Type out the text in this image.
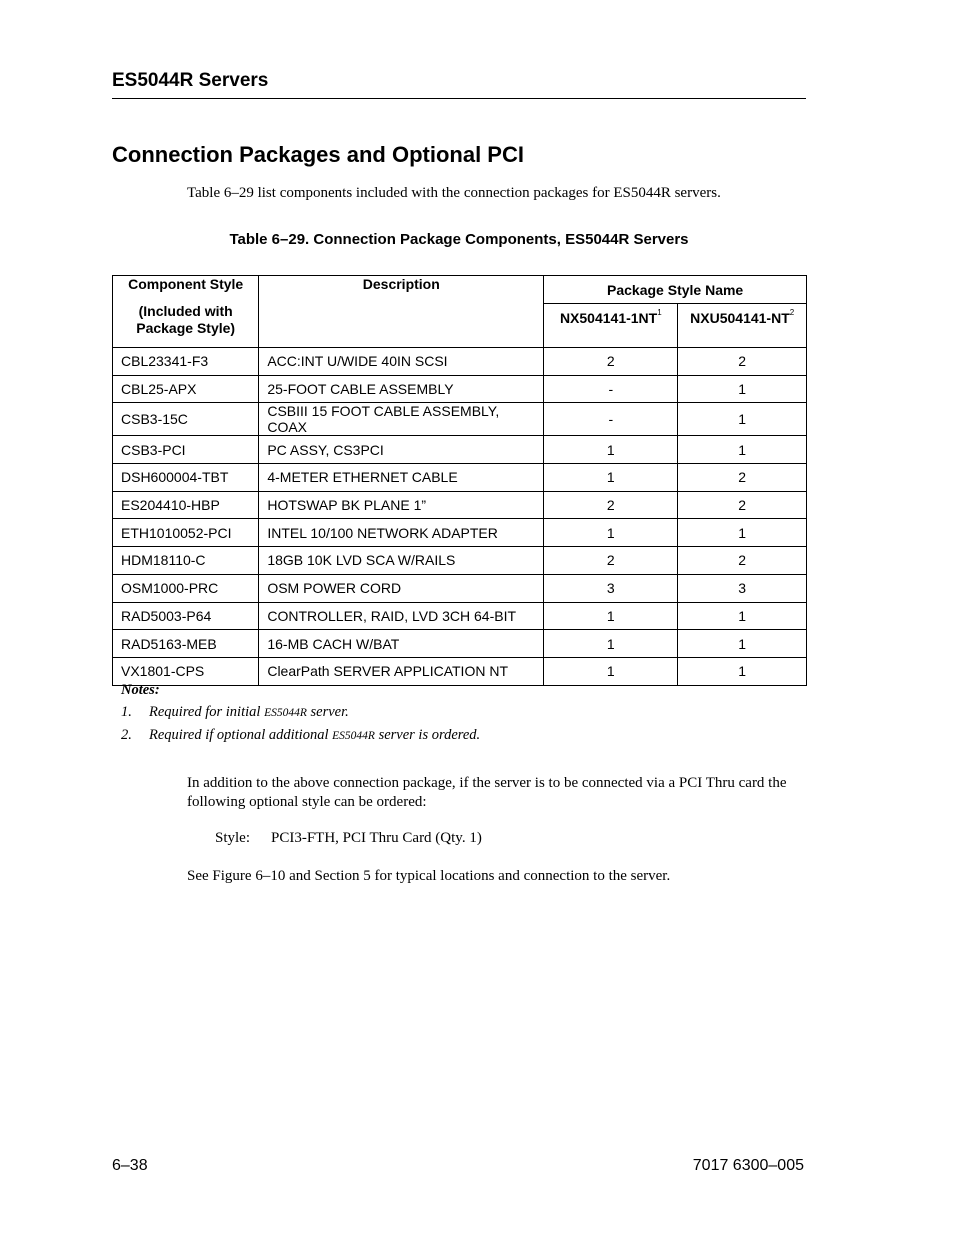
ES5044R Servers
Connection Packages and Optional PCI
Table 6–29 list components included with the connection packages for ES5044R servers.
Table 6–29. Connection Package Components, ES5044R Servers
Component Style
(Included with Package Style)	Description	Package Style Name	
		$NX504141-1NT^1$	$NXU504141-NT^2$
CBL23341-F3	ACC:INT U/WIDE 40IN SCSI	2	2
CBL25-APX	25-FOOT CABLE ASSEMBLY	-	1
CSB3-15C	CSBIII 15 FOOT CABLE ASSEMBLY, COAX	-	1
CSB3-PCI	PC ASSY, CS3PCI	1	1
DSH600004-TBT	4-METER ETHERNET CABLE	1	2
ES204410-HBP	HOTSWAP BK PLANE 1”	2	2
ETH1010052-PCI	INTEL 10/100 NETWORK ADAPTER	1	1
HDM18110-C	18GB 10K LVD SCA W/RAILS	2	2
OSM1000-PRC	OSM POWER CORD	3	3
RAD5003-P64	CONTROLLER, RAID, LVD 3CH 64-BIT	1	1
RAD5163-MEB	16-MB CACH W/BAT	1	1
VX1801-CPS	ClearPath SERVER APPLICATION NT	1	1
Notes:
1.	Required for initial ES5044R server.
2.	Required if optional additional ES5044R server is ordered.
In addition to the above connection package, if the server is to be connected via a PCI Thru card the following optional style can be ordered:
Style: PCI3-FTH, PCI Thru Card (Qty. 1)
See Figure 6–10 and Section 5 for typical locations and connection to the server.
6–38	7017 6300–005
